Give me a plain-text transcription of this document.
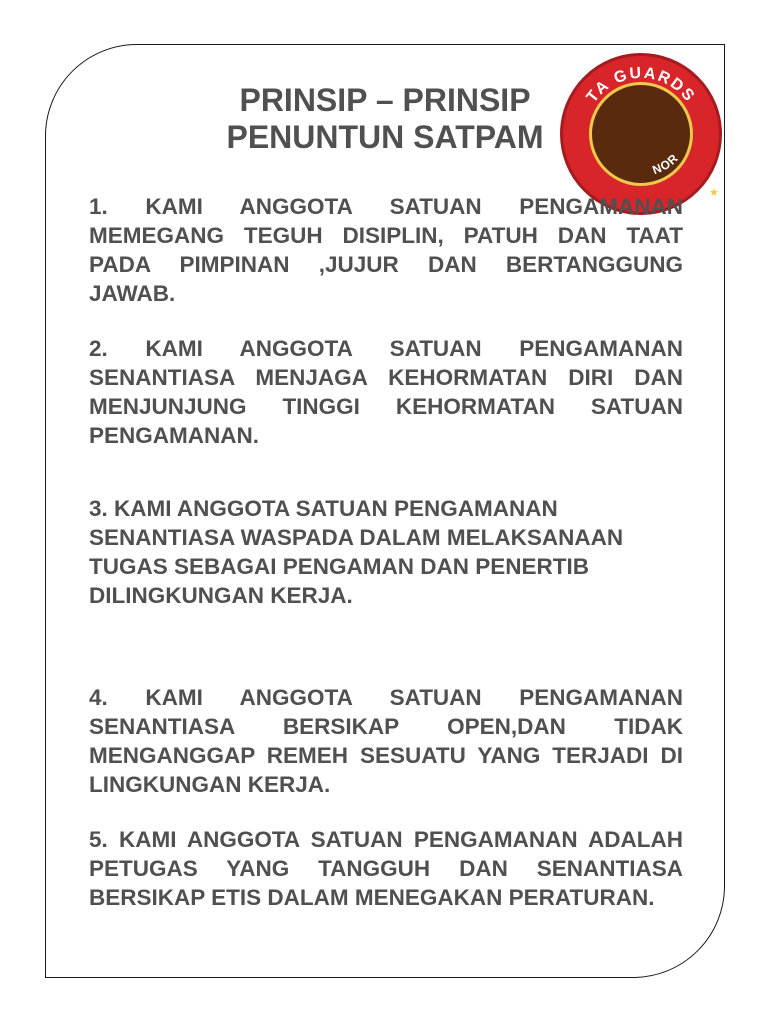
TA GUARDS
NOR
★
PRINSIP – PRINSIP
PENUNTUN SATPAM

1. KAMI ANGGOTA SATUAN PENGAMANAN MEMEGANG TEGUH DISIPLIN, PATUH DAN TAAT PADA PIMPINAN ,JUJUR DAN BERTANGGUNG JAWAB.

2. KAMI ANGGOTA SATUAN PENGAMANAN SENANTIASA MENJAGA KEHORMATAN DIRI DAN MENJUNJUNG TINGGI KEHORMATAN SATUAN PENGAMANAN.

3. KAMI ANGGOTA SATUAN PENGAMANAN SENANTIASA WASPADA DALAM MELAKSANAAN TUGAS SEBAGAI PENGAMAN DAN PENERTIB DILINGKUNGAN KERJA.

4. KAMI ANGGOTA SATUAN PENGAMANAN SENANTIASA BERSIKAP OPEN,DAN TIDAK MENGANGGAP REMEH SESUATU YANG TERJADI DI LINGKUNGAN KERJA.

5. KAMI ANGGOTA SATUAN PENGAMANAN ADALAH PETUGAS YANG TANGGUH DAN SENANTIASA BERSIKAP ETIS DALAM MENEGAKAN PERATURAN.
